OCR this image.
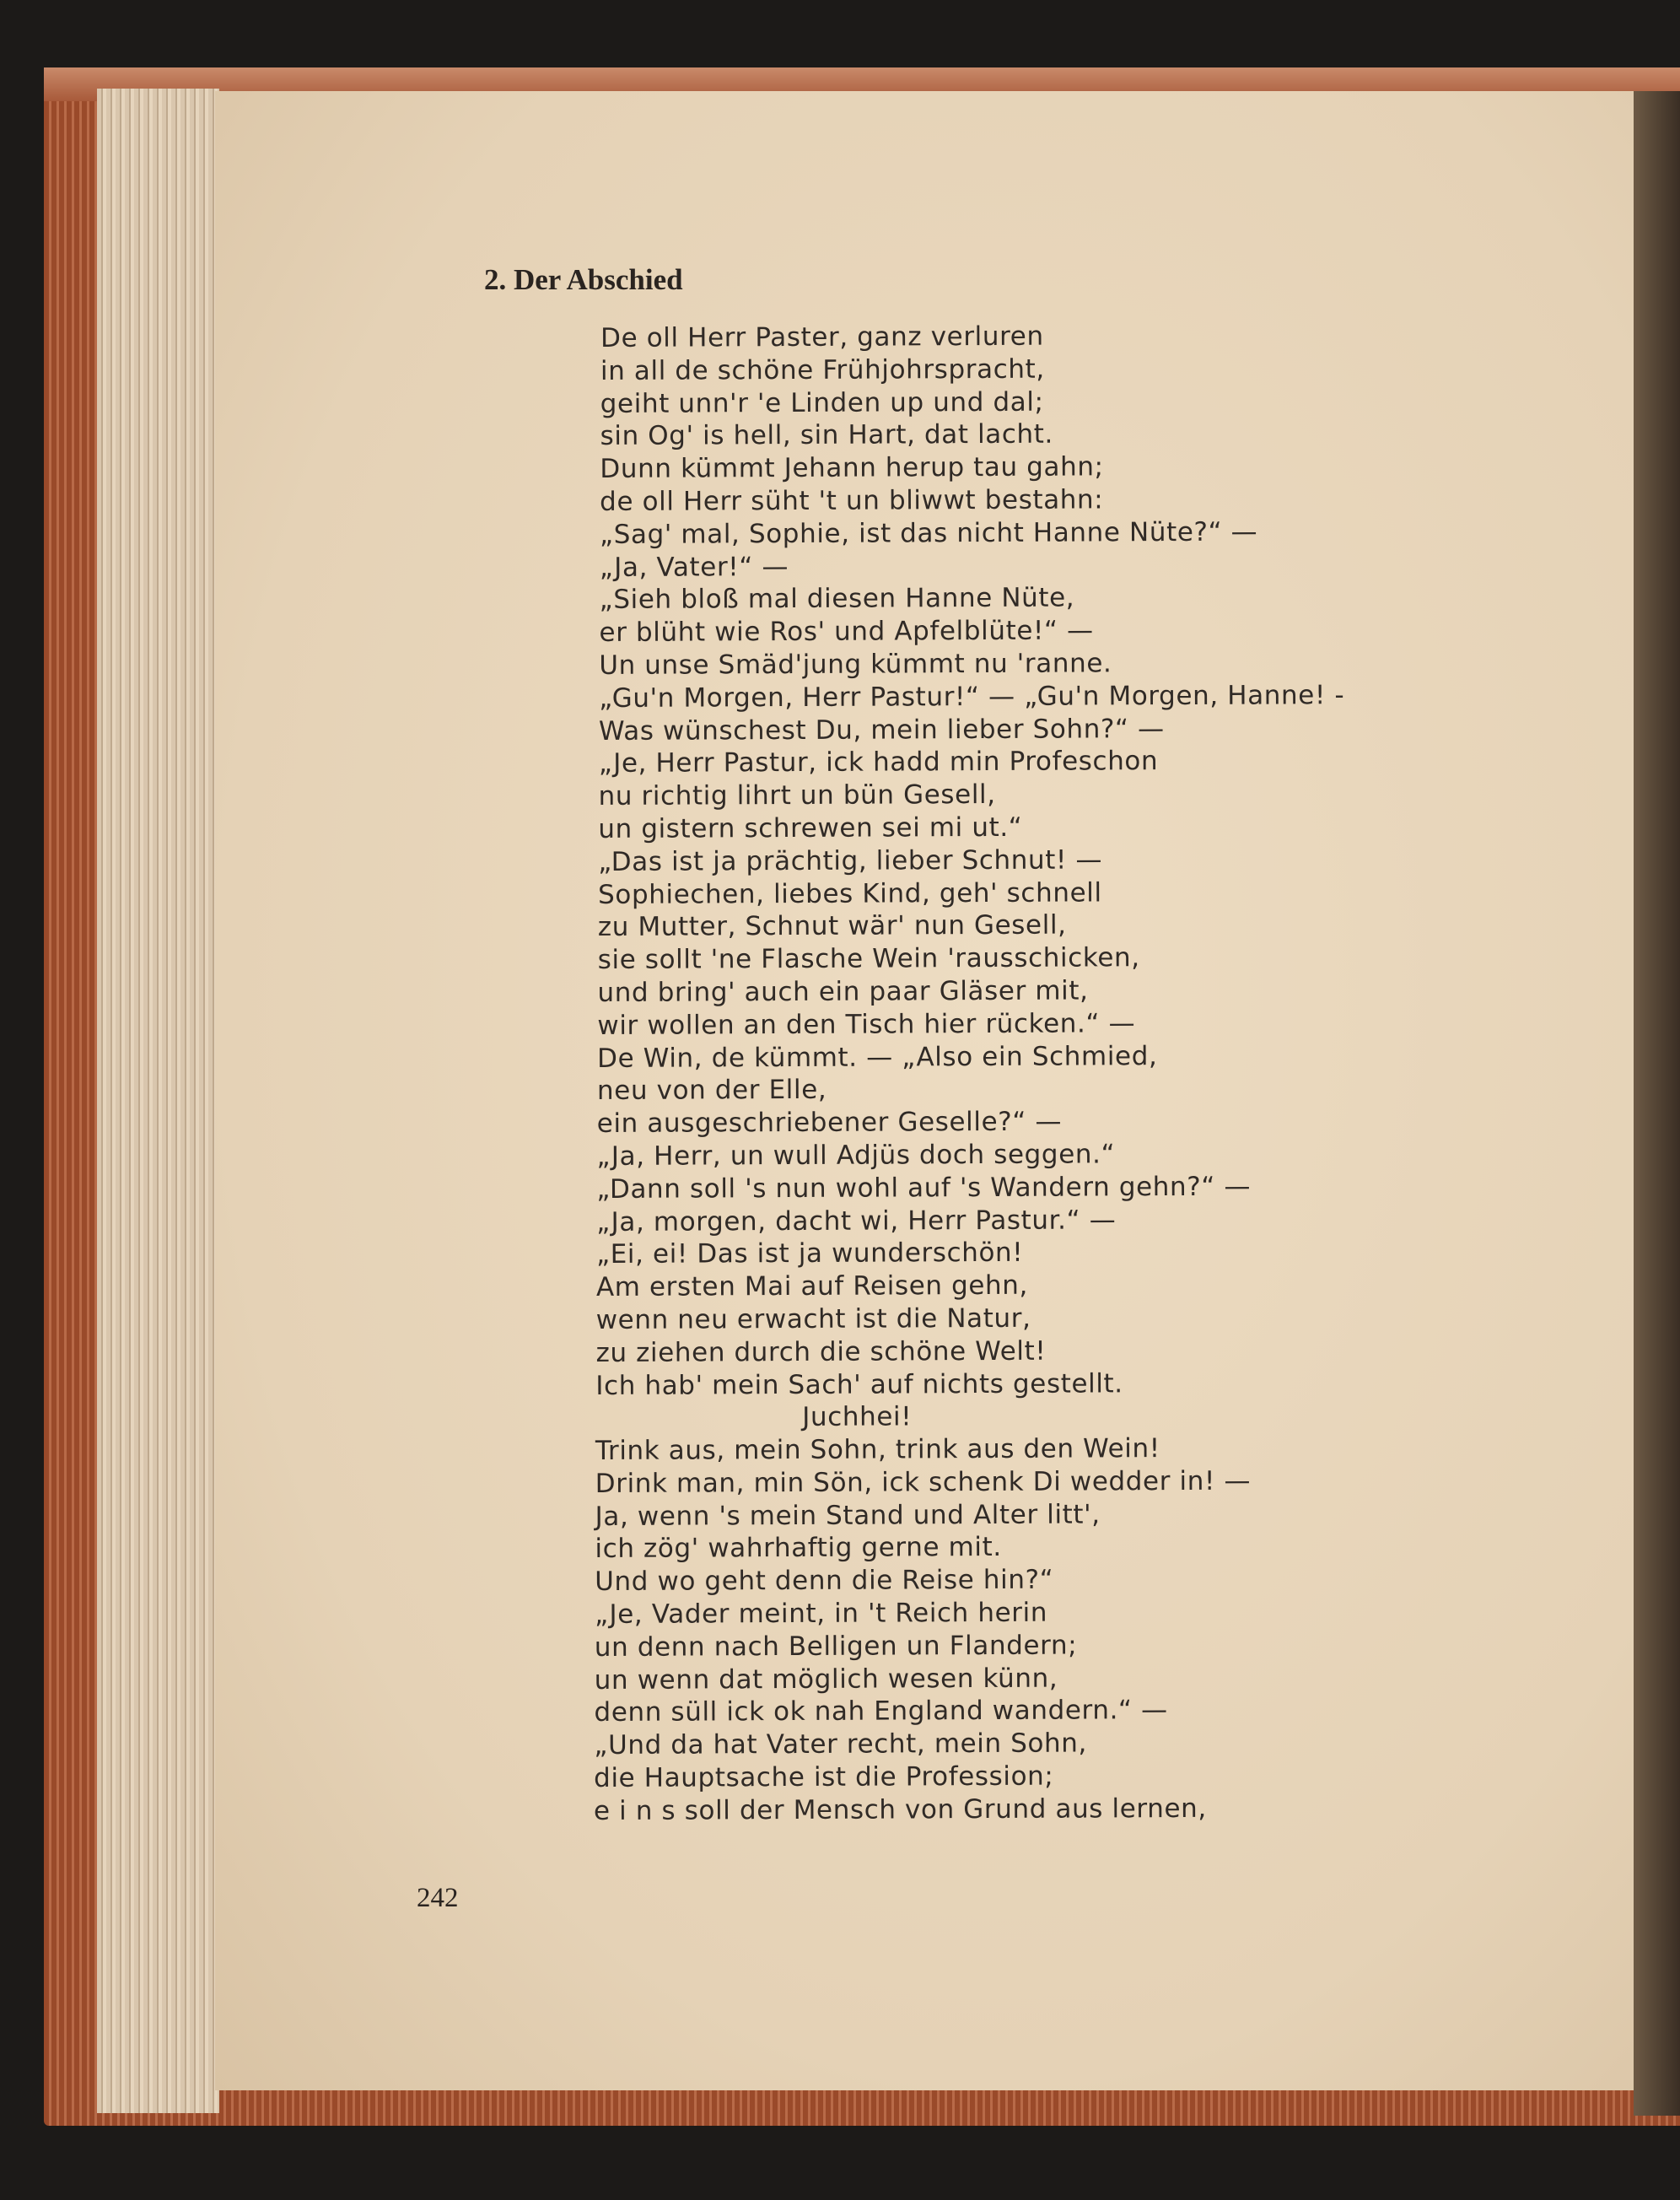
2. Der Abschied
De oll Herr Paster, ganz verluren
in all de schöne Frühjohrspracht,
geiht unn'r 'e Linden up und dal;
sin Og' is hell, sin Hart, dat lacht.
Dunn kümmt Jehann herup tau gahn;
de oll Herr süht 't un bliwwt bestahn:
„Sag' mal, Sophie, ist das nicht Hanne Nüte?“ —
„Ja, Vater!“ —
„Sieh bloß mal diesen Hanne Nüte,
er blüht wie Ros' und Apfelblüte!“ —
Un unse Smäd'jung kümmt nu 'ranne.
„Gu'n Morgen, Herr Pastur!“ — „Gu'n Morgen, Hanne! -
Was wünschest Du, mein lieber Sohn?“ —
„Je, Herr Pastur, ick hadd min Profeschon
nu richtig lihrt un bün Gesell,
un gistern schrewen sei mi ut.“
„Das ist ja prächtig, lieber Schnut! —
Sophiechen, liebes Kind, geh' schnell
zu Mutter, Schnut wär' nun Gesell,
sie sollt 'ne Flasche Wein 'rausschicken,
und bring' auch ein paar Gläser mit,
wir wollen an den Tisch hier rücken.“ —
De Win, de kümmt. — „Also ein Schmied,
neu von der Elle,
ein ausgeschriebener Geselle?“ —
„Ja, Herr, un wull Adjüs doch seggen.“
„Dann soll 's nun wohl auf 's Wandern gehn?“ —
„Ja, morgen, dacht wi, Herr Pastur.“ —
„Ei, ei! Das ist ja wunderschön!
Am ersten Mai auf Reisen gehn,
wenn neu erwacht ist die Natur,
zu ziehen durch die schöne Welt!
Ich hab' mein Sach' auf nichts gestellt.
Juchhei!
Trink aus, mein Sohn, trink aus den Wein!
Drink man, min Sön, ick schenk Di wedder in! —
Ja, wenn 's mein Stand und Alter litt',
ich zög' wahrhaftig gerne mit.
Und wo geht denn die Reise hin?“
„Je, Vader meint, in 't Reich herin
un denn nach Belligen un Flandern;
un wenn dat möglich wesen künn,
denn süll ick ok nah England wandern.“ —
„Und da hat Vater recht, mein Sohn,
die Hauptsache ist die Profession;
e i n s soll der Mensch von Grund aus lernen,
242
